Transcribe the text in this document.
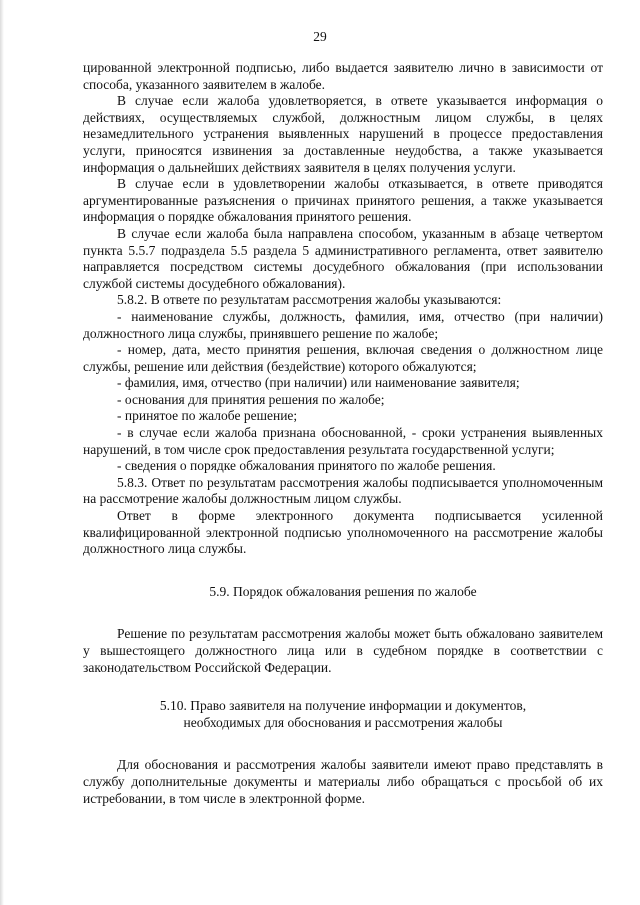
29

цированной электронной подписью, либо выдается заявителю лично в зависимости от способа, указанного заявителем в жалобе.

В случае если жалоба удовлетворяется, в ответе указывается информация о действиях, осуществляемых службой, должностным лицом службы, в целях незамедлительного устранения выявленных нарушений в процессе предоставления услуги, приносятся извинения за доставленные неудобства, а также указывается информация о дальнейших действиях заявителя в целях получения услуги.

В случае если в удовлетворении жалобы отказывается, в ответе приводятся аргументированные разъяснения о причинах принятого решения, а также указывается информация о порядке обжалования принятого решения.

В случае если жалоба была направлена способом, указанным в абзаце четвертом пункта 5.5.7 подраздела 5.5 раздела 5 административного регламента, ответ заявителю направляется посредством системы досудебного обжалования (при использовании службой системы досудебного обжалования).

5.8.2. В ответе по результатам рассмотрения жалобы указываются:

- наименование службы, должность, фамилия, имя, отчество (при наличии) должностного лица службы, принявшего решение по жалобе;

- номер, дата, место принятия решения, включая сведения о должностном лице службы, решение или действия (бездействие) которого обжалуются;

- фамилия, имя, отчество (при наличии) или наименование заявителя;

- основания для принятия решения по жалобе;

- принятое по жалобе решение;

- в случае если жалоба признана обоснованной, - сроки устранения выявленных нарушений, в том числе срок предоставления результата государственной услуги;

- сведения о порядке обжалования принятого по жалобе решения.

5.8.3. Ответ по результатам рассмотрения жалобы подписывается уполномоченным на рассмотрение жалобы должностным лицом службы.

Ответ в форме электронного документа подписывается усиленной квалифицированной электронной подписью уполномоченного на рассмотрение жалобы должностного лица службы.

5.9. Порядок обжалования решения по жалобе

Решение по результатам рассмотрения жалобы может быть обжаловано заявителем у вышестоящего должностного лица или в судебном порядке в соответствии с законодательством Российской Федерации.

5.10. Право заявителя на получение информации и документов,

необходимых для обоснования и рассмотрения жалобы

Для обоснования и рассмотрения жалобы заявители имеют право представлять в службу дополнительные документы и материалы либо обращаться с просьбой об их истребовании, в том числе в электронной форме.
